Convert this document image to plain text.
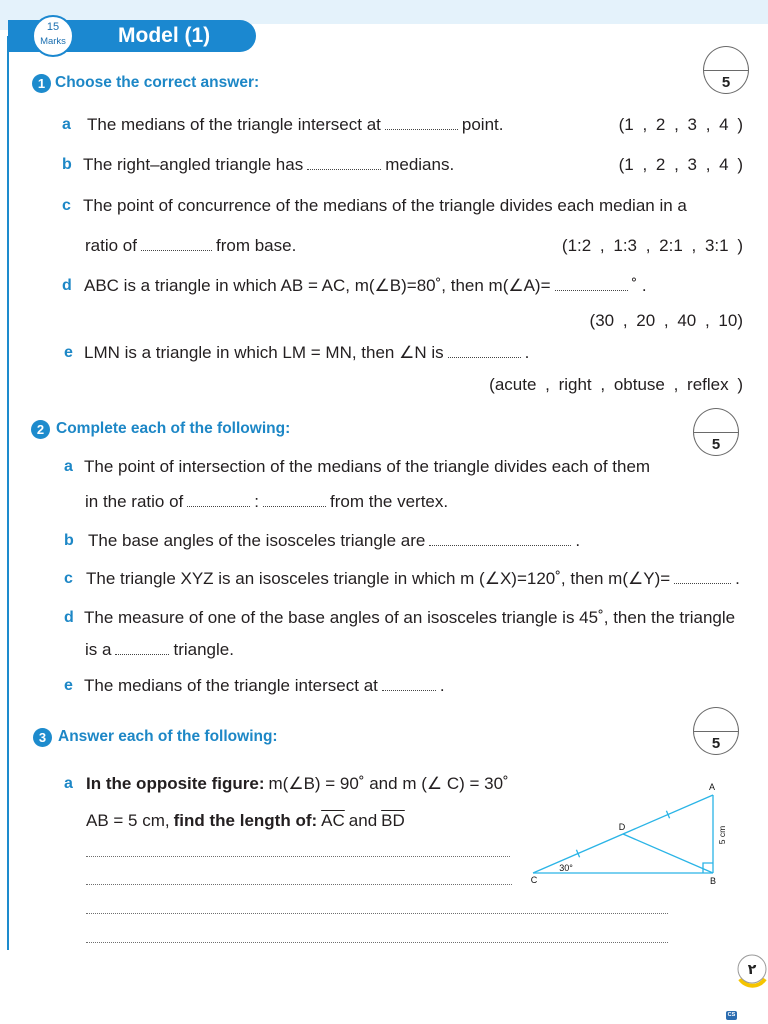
Model (1)
15
Marks
1 Choose the correct answer:	5
a The medians of the triangle intersect at	point.	(1 , 2 , 3 , 4 )
b The right–angled triangle has	medians.	(1 , 2 , 3 , 4 )
c The point of concurrence of the medians of the triangle divides each median in a
ratio of	from base.	(1:2 , 1:3 , 2:1 , 3:1 )
d ABC is a triangle in which AB = AC, m(∠B)=80˚, then m(∠A)=	˚ .
(30 , 20 , 40 , 10)
e LMN is a triangle in which LM = MN, then ∠N is	.
(acute , right , obtuse , reflex )
2 Complete each of the following:
5
a The point of intersection of the medians of the triangle divides each of them
in the ratio of	:	from the vertex.
b The base angles of the isosceles triangle are	.
c The triangle XYZ is an isosceles triangle in which m (∠X)=120˚, then m(∠Y)=	.
d The measure of one of the base angles of an isosceles triangle is 45˚, then the triangle
is a	triangle.
e The medians of the triangle intersect at	.
3 Answer each of the following:	5
a In the opposite figure: m(∠B) = 90˚ and m (∠ C) = 30˚
AB = 5 cm, find the length of: $\overline{AC}$ and $\overline{BD}$
A
B
C
D
30°
5 cm
٢
CS
